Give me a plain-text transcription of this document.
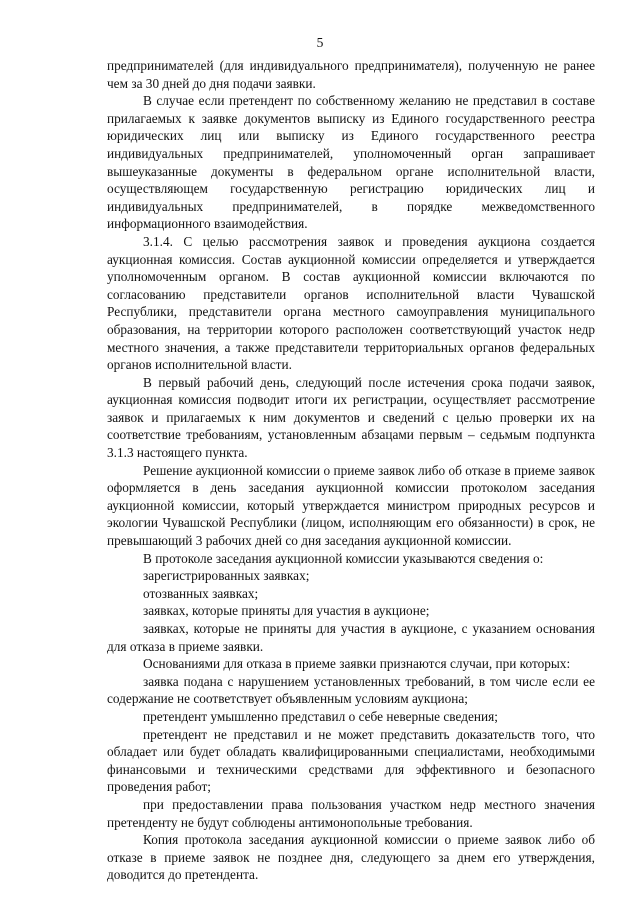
5

предпринимателей (для индивидуального предпринимателя), полученную не ранее чем за 30 дней до дня подачи заявки.

В случае если претендент по собственному желанию не представил в составе прилагаемых к заявке документов выписку из Единого государственного реестра юридических лиц или выписку из Единого государственного реестра индивидуальных предпринимателей, уполномоченный орган запрашивает вышеуказанные документы в федеральном органе исполнительной власти, осуществляющем государственную регистрацию юридических лиц и индивидуальных предпринимателей, в порядке межведомственного информационного взаимодействия.

3.1.4. С целью рассмотрения заявок и проведения аукциона создается аукционная комиссия. Состав аукционной комиссии определяется и утверждается уполномоченным органом. В состав аукционной комиссии включаются по согласованию представители органов исполнительной власти Чувашской Республики, представители органа местного самоуправления муниципального образования, на территории которого расположен соответствующий участок недр местного значения, а также представители территориальных органов федеральных органов исполнительной власти.

В первый рабочий день, следующий после истечения срока подачи заявок, аукционная комиссия подводит итоги их регистрации, осуществляет рассмотрение заявок и прилагаемых к ним документов и сведений с целью проверки их на соответствие требованиям, установленным абзацами первым – седьмым подпункта 3.1.3 настоящего пункта.

Решение аукционной комиссии о приеме заявок либо об отказе в приеме заявок оформляется в день заседания аукционной комиссии протоколом заседания аукционной комиссии, который утверждается министром природных ресурсов и экологии Чувашской Республики (лицом, исполняющим его обязанности) в срок, не превышающий 3 рабочих дней со дня заседания аукционной комиссии.

В протоколе заседания аукционной комиссии указываются сведения о:

зарегистрированных заявках;

отозванных заявках;

заявках, которые приняты для участия в аукционе;

заявках, которые не приняты для участия в аукционе, с указанием основания для отказа в приеме заявки.

Основаниями для отказа в приеме заявки признаются случаи, при которых:

заявка подана с нарушением установленных требований, в том числе если ее содержание не соответствует объявленным условиям аукциона;

претендент умышленно представил о себе неверные сведения;

претендент не представил и не может представить доказательств того, что обладает или будет обладать квалифицированными специалистами, необходимыми финансовыми и техническими средствами для эффективного и безопасного проведения работ;

при предоставлении права пользования участком недр местного значения претенденту не будут соблюдены антимонопольные требования.

Копия протокола заседания аукционной комиссии о приеме заявок либо об отказе в приеме заявок не позднее дня, следующего за днем его утверждения, доводится до претендента.
